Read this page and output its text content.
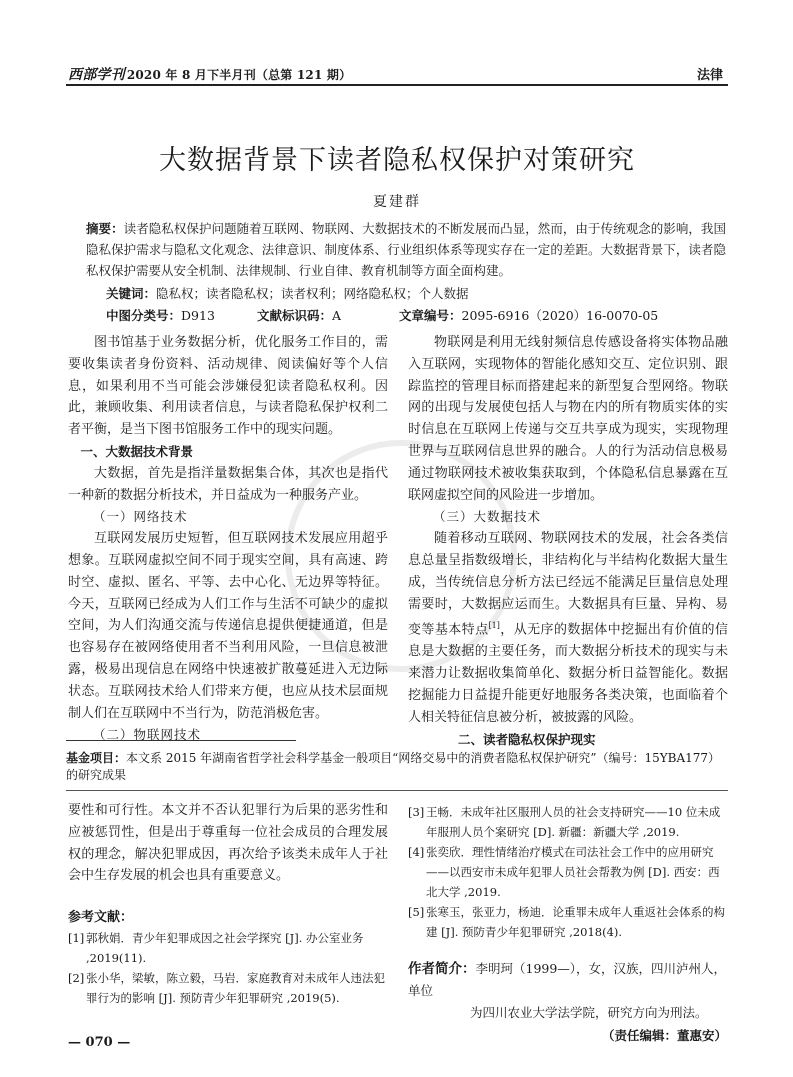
西部学刊 2020 年 8 月下半月刊（总第 121 期）	法律
大数据背景下读者隐私权保护对策研究
夏建群
摘要：读者隐私权保护问题随着互联网、物联网、大数据技术的不断发展而凸显，然而，由于传统观念的影响，我国隐私保护需求与隐私文化观念、法律意识、制度体系、行业组织体系等现实存在一定的差距。大数据背景下，读者隐私权保护需要从安全机制、法律规制、行业自律、教育机制等方面全面构建。
关键词：隐私权；读者隐私权；读者权利；网络隐私权；个人数据
中图分类号：D913	文献标识码：A	文章编号：2095-6916（2020）16-0070-05

图书馆基于业务数据分析，优化服务工作目的，需要收集读者身份资料、活动规律、阅读偏好等个人信息，如果利用不当可能会涉嫌侵犯读者隐私权利。因此，兼顾收集、利用读者信息，与读者隐私保护权利二者平衡，是当下图书馆服务工作中的现实问题。

一、大数据技术背景

大数据，首先是指洋量数据集合体，其次也是指代一种新的数据分析技术，并日益成为一种服务产业。

（一）网络技术

互联网发展历史短暂，但互联网技术发展应用超乎想象。互联网虚拟空间不同于现实空间，具有高速、跨时空、虚拟、匿名、平等、去中心化、无边界等特征。今天，互联网已经成为人们工作与生活不可缺少的虚拟空间，为人们沟通交流与传递信息提供便捷通道，但是也容易存在被网络使用者不当利用风险，一旦信息被泄露，极易出现信息在网络中快速被扩散蔓延进入无边际状态。互联网技术给人们带来方便，也应从技术层面规制人们在互联网中不当行为，防范消极危害。

（二）物联网技术

物联网是利用无线射频信息传感设备将实体物品融入互联网，实现物体的智能化感知交互、定位识别、跟踪监控的管理目标而搭建起来的新型复合型网络。物联网的出现与发展使包括人与物在内的所有物质实体的实时信息在互联网上传递与交互共享成为现实，实现物理世界与互联网信息世界的融合。人的行为活动信息极易通过物联网技术被收集获取到，个体隐私信息暴露在互联网虚拟空间的风险进一步增加。

（三）大数据技术

随着移动互联网、物联网技术的发展，社会各类信息总量呈指数级增长，非结构化与半结构化数据大量生成，当传统信息分析方法已经远不能满足巨量信息处理需要时，大数据应运而生。大数据具有巨量、异构、易变等基本特点[1]，从无序的数据体中挖掘出有价值的信息是大数据的主要任务，而大数据分析技术的现实与未来潜力让数据收集简单化、数据分析日益智能化。数据挖掘能力日益提升能更好地服务各类决策，也面临着个人相关特征信息被分析，被披露的风险。

二、读者隐私权保护现实
基金项目：本文系 2015 年湖南省哲学社会科学基金一般项目“网络交易中的消费者隐私权保护研究”（编号：15YBA177）的研究成果

要性和可行性。本文并不否认犯罪行为后果的恶劣性和应被惩罚性，但是出于尊重每一位社会成员的合理发展权的理念，解决犯罪成因，再次给予该类未成年人于社会中生存发展的机会也具有重要意义。

参考文献：
[1] 郭秋娟．青少年犯罪成因之社会学探究 [J]. 办公室业务 ,2019(11).
[2] 张小华，梁敏，陈立毅，马岩．家庭教育对未成年人违法犯罪行为的影响 [J]. 预防青少年犯罪研究 ,2019(5).
[3] 王畅．未成年社区服刑人员的社会支持研究——10 位未成年服刑人员个案研究 [D]. 新疆：新疆大学 ,2019.
[4] 张奕欣．理性情绪治疗模式在司法社会工作中的应用研究——以西安市未成年犯罪人员社会帮教为例 [D]. 西安：西北大学 ,2019.
[5] 张寒玉，张亚力，杨迪．论重罪未成年人重返社会体系的构建 [J]. 预防青少年犯罪研究 ,2018(4).
作者简介：李明珂（1999—），女，汉族，四川泸州人，单位
为四川农业大学法学院，研究方向为刑法。
（责任编辑：董惠安）
— 070 —
